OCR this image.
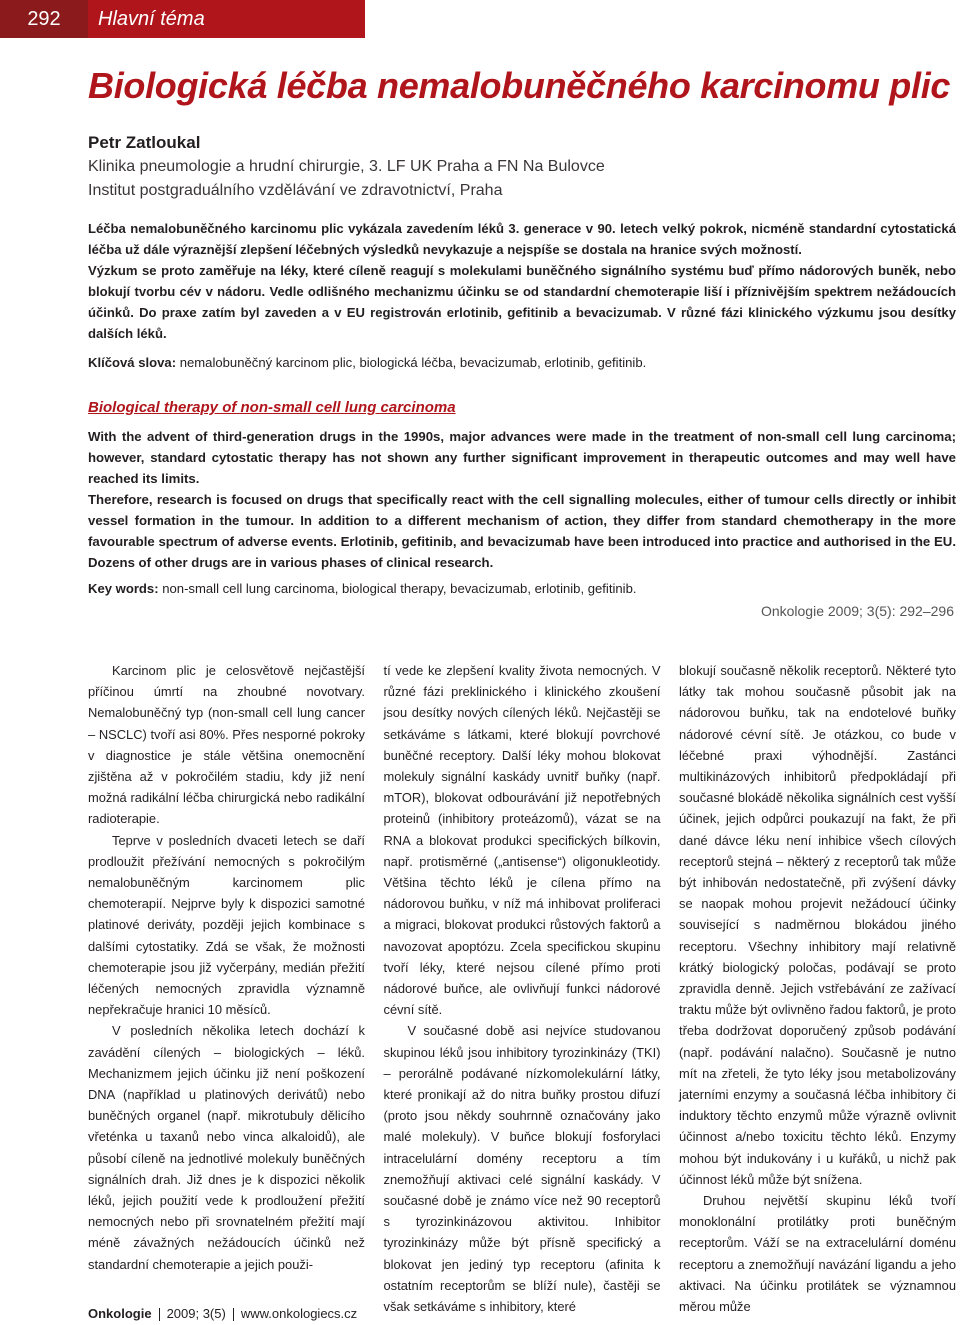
292	Hlavní téma
Biologická léčba nemalobuněčného karcinomu plic
Petr Zatloukal
Klinika pneumologie a hrudní chirurgie, 3. LF UK Praha a FN Na Bulovce
Institut postgraduálního vzdělávání ve zdravotnictví, Praha

Léčba nemalobuněčného karcinomu plic vykázala zavedením léků 3. generace v 90. letech velký pokrok, nicméně standardní cytostatická léčba už dále výraznější zlepšení léčebných výsledků nevykazuje a nejspíše se dostala na hranice svých možností.

Výzkum se proto zaměřuje na léky, které cíleně reagují s molekulami buněčného signálního systému buď přímo nádorových buněk, nebo blokují tvorbu cév v nádoru. Vedle odlišného mechanizmu účinku se od standardní chemoterapie liší i příznivějším spektrem nežádoucích účinků. Do praxe zatím byl zaveden a v EU registrován erlotinib, gefitinib a bevacizumab. V různé fázi klinického výzkumu jsou desítky dalších léků.

Klíčová slova: nemalobuněčný karcinom plic, biologická léčba, bevacizumab, erlotinib, gefitinib.
Biological therapy of non-small cell lung carcinoma

With the advent of third-generation drugs in the 1990s, major advances were made in the treatment of non-small cell lung carcinoma; however, standard cytostatic therapy has not shown any further significant improvement in therapeutic outcomes and may well have reached its limits.

Therefore, research is focused on drugs that specifically react with the cell signalling molecules, either of tumour cells directly or inhibit vessel formation in the tumour. In addition to a different mechanism of action, they differ from standard chemotherapy in the more favourable spectrum of adverse events. Erlotinib, gefitinib, and bevacizumab have been introduced into practice and authorised in the EU. Dozens of other drugs are in various phases of clinical research.

Key words: non-small cell lung carcinoma, biological therapy, bevacizumab, erlotinib, gefitinib.
Onkologie 2009; 3(5): 292–296

Karcinom plic je celosvětově nejčastější příčinou úmrtí na zhoubné novotvary. Nemalobuněčný typ (non-small cell lung cancer – NSCLC) tvoří asi 80%. Přes nesporné pokroky v diagnostice je stále většina onemocnění zjištěna až v pokročilém stadiu, kdy již není možná radikální léčba chirurgická nebo radikální radioterapie.

Teprve v posledních dvaceti letech se daří prodloužit přežívání nemocných s pokročilým nemalobuněčným karcinomem plic chemoterapií. Nejprve byly k dispozici samotné platinové deriváty, později jejich kombinace s dalšími cytostatiky. Zdá se však, že možnosti chemoterapie jsou již vyčerpány, medián přežití léčených nemocných zpravidla významně nepřekračuje hranici 10 měsíců.

V posledních několika letech dochází k zavádění cílených – biologických – léků. Mechanizmem jejich účinku již není poškození DNA (například u platinových derivátů) nebo buněčných organel (např. mikrotubuly dělicího vřeténka u taxanů nebo vinca alkaloidů), ale působí cíleně na jednotlivé molekuly buněčných signálních drah. Již dnes je k dispozici několik léků, jejich použití vede k prodloužení přežití nemocných nebo při srovnatelném přežití mají méně závažných nežádoucích účinků než standardní chemoterapie a jejich použi-

tí vede ke zlepšení kvality života nemocných. V různé fázi preklinického i klinického zkoušení jsou desítky nových cílených léků. Nejčastěji se setkáváme s látkami, které blokují povrchové buněčné receptory. Další léky mohou blokovat molekuly signální kaskády uvnitř buňky (např. mTOR), blokovat odbourávání již nepotřebných proteinů (inhibitory proteázomů), vázat se na RNA a blokovat produkci specifických bílkovin, např. protisměrné („antisense“) oligonukleotidy. Většina těchto léků je cílena přímo na nádorovou buňku, v níž má inhibovat proliferaci a migraci, blokovat produkci růstových faktorů a navozovat apoptózu. Zcela specifickou skupinu tvoří léky, které nejsou cílené přímo proti nádorové buňce, ale ovlivňují funkci nádorové cévní sítě.

V současné době asi nejvíce studovanou skupinou léků jsou inhibitory tyrozinkinázy (TKI) – perorálně podávané nízkomolekulární látky, které pronikají až do nitra buňky prostou difuzí (proto jsou někdy souhrnně označovány jako malé molekuly). V buňce blokují fosforylaci intracelulární domény receptoru a tím znemožňují aktivaci celé signální kaskády. V současné době je známo více než 90 receptorů s tyrozinkinázovou aktivitou. Inhibitor tyrozinkinázy může být přísně specifický a blokovat jen jediný typ receptoru (afinita k ostatním receptorům se blíží nule), častěji se však setkáváme s inhibitory, které

blokují současně několik receptorů. Některé tyto látky tak mohou současně působit jak na nádorovou buňku, tak na endotelové buňky nádorové cévní sítě. Je otázkou, co bude v léčebné praxi výhodnější. Zastánci multikinázových inhibitorů předpokládají při současné blokádě několika signálních cest vyšší účinek, jejich odpůrci poukazují na fakt, že při dané dávce léku není inhibice všech cílových receptorů stejná – některý z receptorů tak může být inhibován nedostatečně, při zvýšení dávky se naopak mohou projevit nežádoucí účinky související s nadměrnou blokádou jiného receptoru. Všechny inhibitory mají relativně krátký biologický poločas, podávají se proto zpravidla denně. Jejich vstřebávání ze zažívací traktu může být ovlivněno řadou faktorů, je proto třeba dodržovat doporučený způsob podávání (např. podávání nalačno). Současně je nutno mít na zřeteli, že tyto léky jsou metabolizovány jaterními enzymy a současná léčba inhibitory či induktory těchto enzymů může výrazně ovlivnit účinnost a/nebo toxicitu těchto léků. Enzymy mohou být indukovány i u kuřáků, u nichž pak účinnost léků může být snížena.

Druhou největší skupinu léků tvoří monoklonální protilátky proti buněčným receptorům. Váží se na extracelulární doménu receptoru a znemožňují navázání ligandu a jeho aktivaci. Na účinku protilátek se významnou měrou může

Onkologie 2009; 3(5) www.onkologiecs.cz
